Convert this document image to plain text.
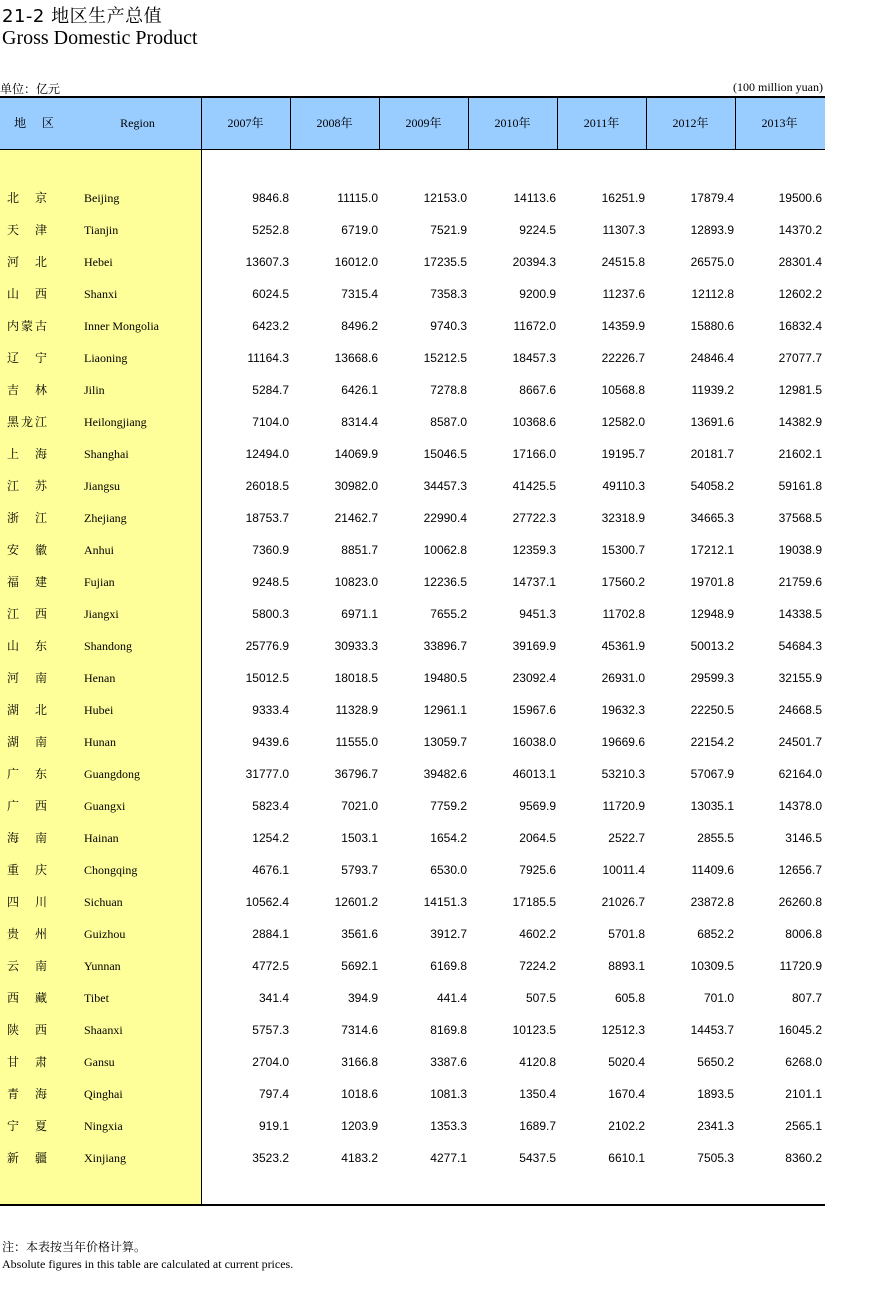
21-2 地区生产总值
Gross Domestic Product
单位：亿元	(100 million yuan)
地 区	Region	2007年	2008年	2009年	2010年	2011年	2012年	2013年
北　京	Beijing	9846.8	11115.0	12153.0	14113.6	16251.9	17879.4	19500.6
天　津	Tianjin	5252.8	6719.0	7521.9	9224.5	11307.3	12893.9	14370.2
河　北	Hebei	13607.3	16012.0	17235.5	20394.3	24515.8	26575.0	28301.4
山　西	Shanxi	6024.5	7315.4	7358.3	9200.9	11237.6	12112.8	12602.2
内蒙古	Inner Mongolia	6423.2	8496.2	9740.3	11672.0	14359.9	15880.6	16832.4
辽　宁	Liaoning	11164.3	13668.6	15212.5	18457.3	22226.7	24846.4	27077.7
吉　林	Jilin	5284.7	6426.1	7278.8	8667.6	10568.8	11939.2	12981.5
黑龙江	Heilongjiang	7104.0	8314.4	8587.0	10368.6	12582.0	13691.6	14382.9
上　海	Shanghai	12494.0	14069.9	15046.5	17166.0	19195.7	20181.7	21602.1
江　苏	Jiangsu	26018.5	30982.0	34457.3	41425.5	49110.3	54058.2	59161.8
浙　江	Zhejiang	18753.7	21462.7	22990.4	27722.3	32318.9	34665.3	37568.5
安　徽	Anhui	7360.9	8851.7	10062.8	12359.3	15300.7	17212.1	19038.9
福　建	Fujian	9248.5	10823.0	12236.5	14737.1	17560.2	19701.8	21759.6
江　西	Jiangxi	5800.3	6971.1	7655.2	9451.3	11702.8	12948.9	14338.5
山　东	Shandong	25776.9	30933.3	33896.7	39169.9	45361.9	50013.2	54684.3
河　南	Henan	15012.5	18018.5	19480.5	23092.4	26931.0	29599.3	32155.9
湖　北	Hubei	9333.4	11328.9	12961.1	15967.6	19632.3	22250.5	24668.5
湖　南	Hunan	9439.6	11555.0	13059.7	16038.0	19669.6	22154.2	24501.7
广　东	Guangdong	31777.0	36796.7	39482.6	46013.1	53210.3	57067.9	62164.0
广　西	Guangxi	5823.4	7021.0	7759.2	9569.9	11720.9	13035.1	14378.0
海　南	Hainan	1254.2	1503.1	1654.2	2064.5	2522.7	2855.5	3146.5
重　庆	Chongqing	4676.1	5793.7	6530.0	7925.6	10011.4	11409.6	12656.7
四　川	Sichuan	10562.4	12601.2	14151.3	17185.5	21026.7	23872.8	26260.8
贵　州	Guizhou	2884.1	3561.6	3912.7	4602.2	5701.8	6852.2	8006.8
云　南	Yunnan	4772.5	5692.1	6169.8	7224.2	8893.1	10309.5	11720.9
西　藏	Tibet	341.4	394.9	441.4	507.5	605.8	701.0	807.7
陕　西	Shaanxi	5757.3	7314.6	8169.8	10123.5	12512.3	14453.7	16045.2
甘　肃	Gansu	2704.0	3166.8	3387.6	4120.8	5020.4	5650.2	6268.0
青　海	Qinghai	797.4	1018.6	1081.3	1350.4	1670.4	1893.5	2101.1
宁　夏	Ningxia	919.1	1203.9	1353.3	1689.7	2102.2	2341.3	2565.1
新　疆	Xinjiang	3523.2	4183.2	4277.1	5437.5	6610.1	7505.3	8360.2
注：本表按当年价格计算。
Absolute figures in this table are calculated at current prices.
